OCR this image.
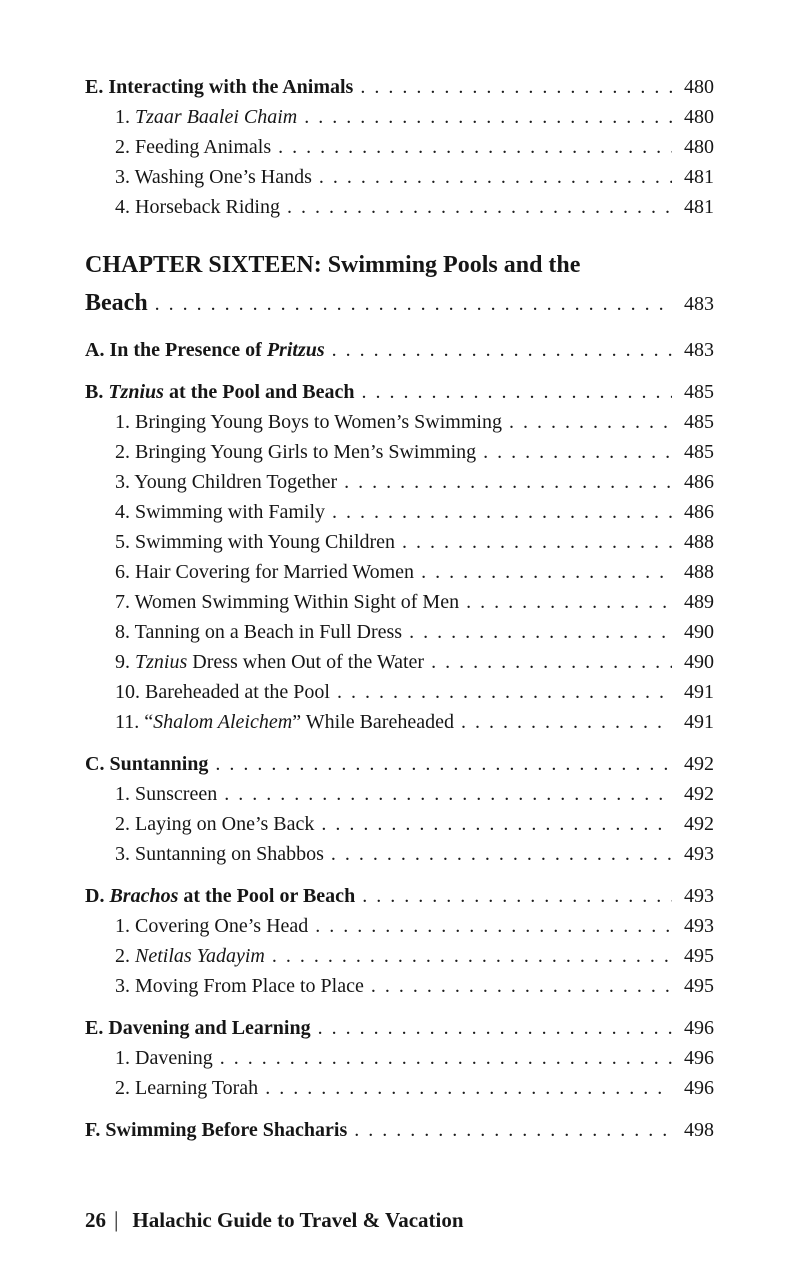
E. Interacting with the Animals . . .	480
1. Tzaar Baalei Chaim . . .	480
2. Feeding Animals . . .	480
3. Washing One’s Hands . . .	481
4. Horseback Riding . . .	481
CHAPTER SIXTEEN: Swimming Pools and the
Beach . . .	483
A. In the Presence of Pritzus . . .	483
B. Tznius at the Pool and Beach . . .	485
1. Bringing Young Boys to Women’s Swimming . . .	485
2. Bringing Young Girls to Men’s Swimming . . .	485
3. Young Children Together . . .	486
4. Swimming with Family . . .	486
5. Swimming with Young Children . . .	488
6. Hair Covering for Married Women . . .	488
7. Women Swimming Within Sight of Men . . .	489
8. Tanning on a Beach in Full Dress . . .	490
9. Tznius Dress when Out of the Water . . .	490
10. Bareheaded at the Pool . . .	491
11. “Shalom Aleichem” While Bareheaded . . .	491
C. Suntanning . . .	492
1. Sunscreen . . .	492
2. Laying on One’s Back . . .	492
3. Suntanning on Shabbos . . .	493
D. Brachos at the Pool or Beach . . .	493
1. Covering One’s Head . . .	493
2. Netilas Yadayim . . .	495
3. Moving From Place to Place . . .	495
E. Davening and Learning . . .	496
1. Davening . . .	496
2. Learning Torah . . .	496
F. Swimming Before Shacharis . . .	498
26 | Halachic Guide to Travel & Vacation
